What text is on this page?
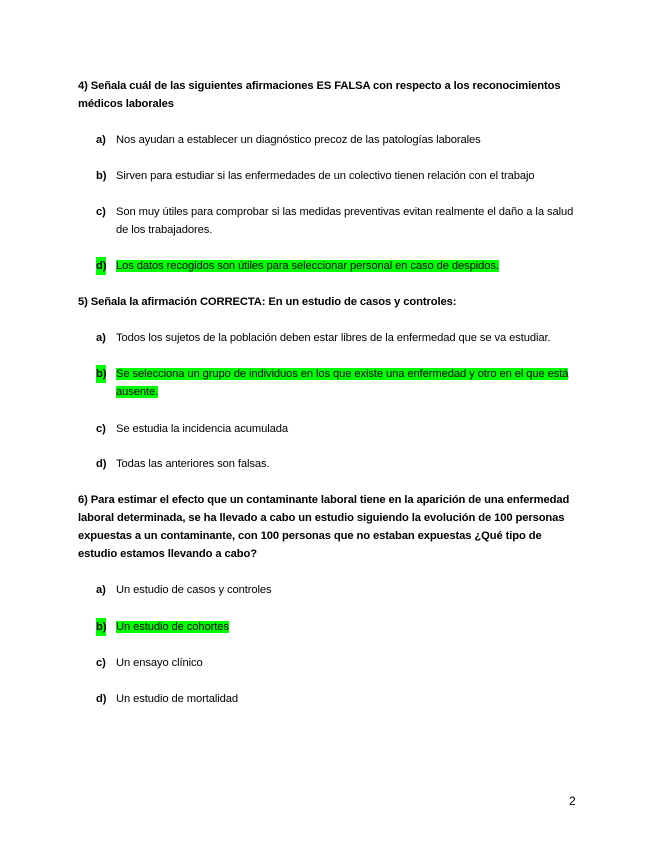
4) Señala cuál de las siguientes afirmaciones ES FALSA con respecto a los reconocimientos médicos laborales
a) Nos ayudan a establecer un diagnóstico precoz de las patologías laborales
b) Sirven para estudiar si las enfermedades de un colectivo tienen relación con el trabajo
c) Son muy útiles para comprobar si las medidas preventivas evitan realmente el daño a la salud de los trabajadores.
d) Los datos recogidos son útiles para seleccionar personal en caso de despidos.
5) Señala la afirmación CORRECTA: En un estudio de casos y controles:
a) Todos los sujetos de la población deben estar libres de la enfermedad que se va estudiar.
b) Se selecciona un grupo de individuos en los que existe una enfermedad y otro en el que está ausente.
c) Se estudia la incidencia acumulada
d) Todas las anteriores son falsas.
6) Para estimar el efecto que un contaminante laboral tiene en la aparición de una enfermedad laboral determinada, se ha llevado a cabo un estudio siguiendo la evolución de 100 personas expuestas a un contaminante, con 100 personas que no estaban expuestas ¿Qué tipo de estudio estamos llevando a cabo?
a) Un estudio de casos y controles
b) Un estudio de cohortes
c) Un ensayo clínico
d) Un estudio de mortalidad
2
